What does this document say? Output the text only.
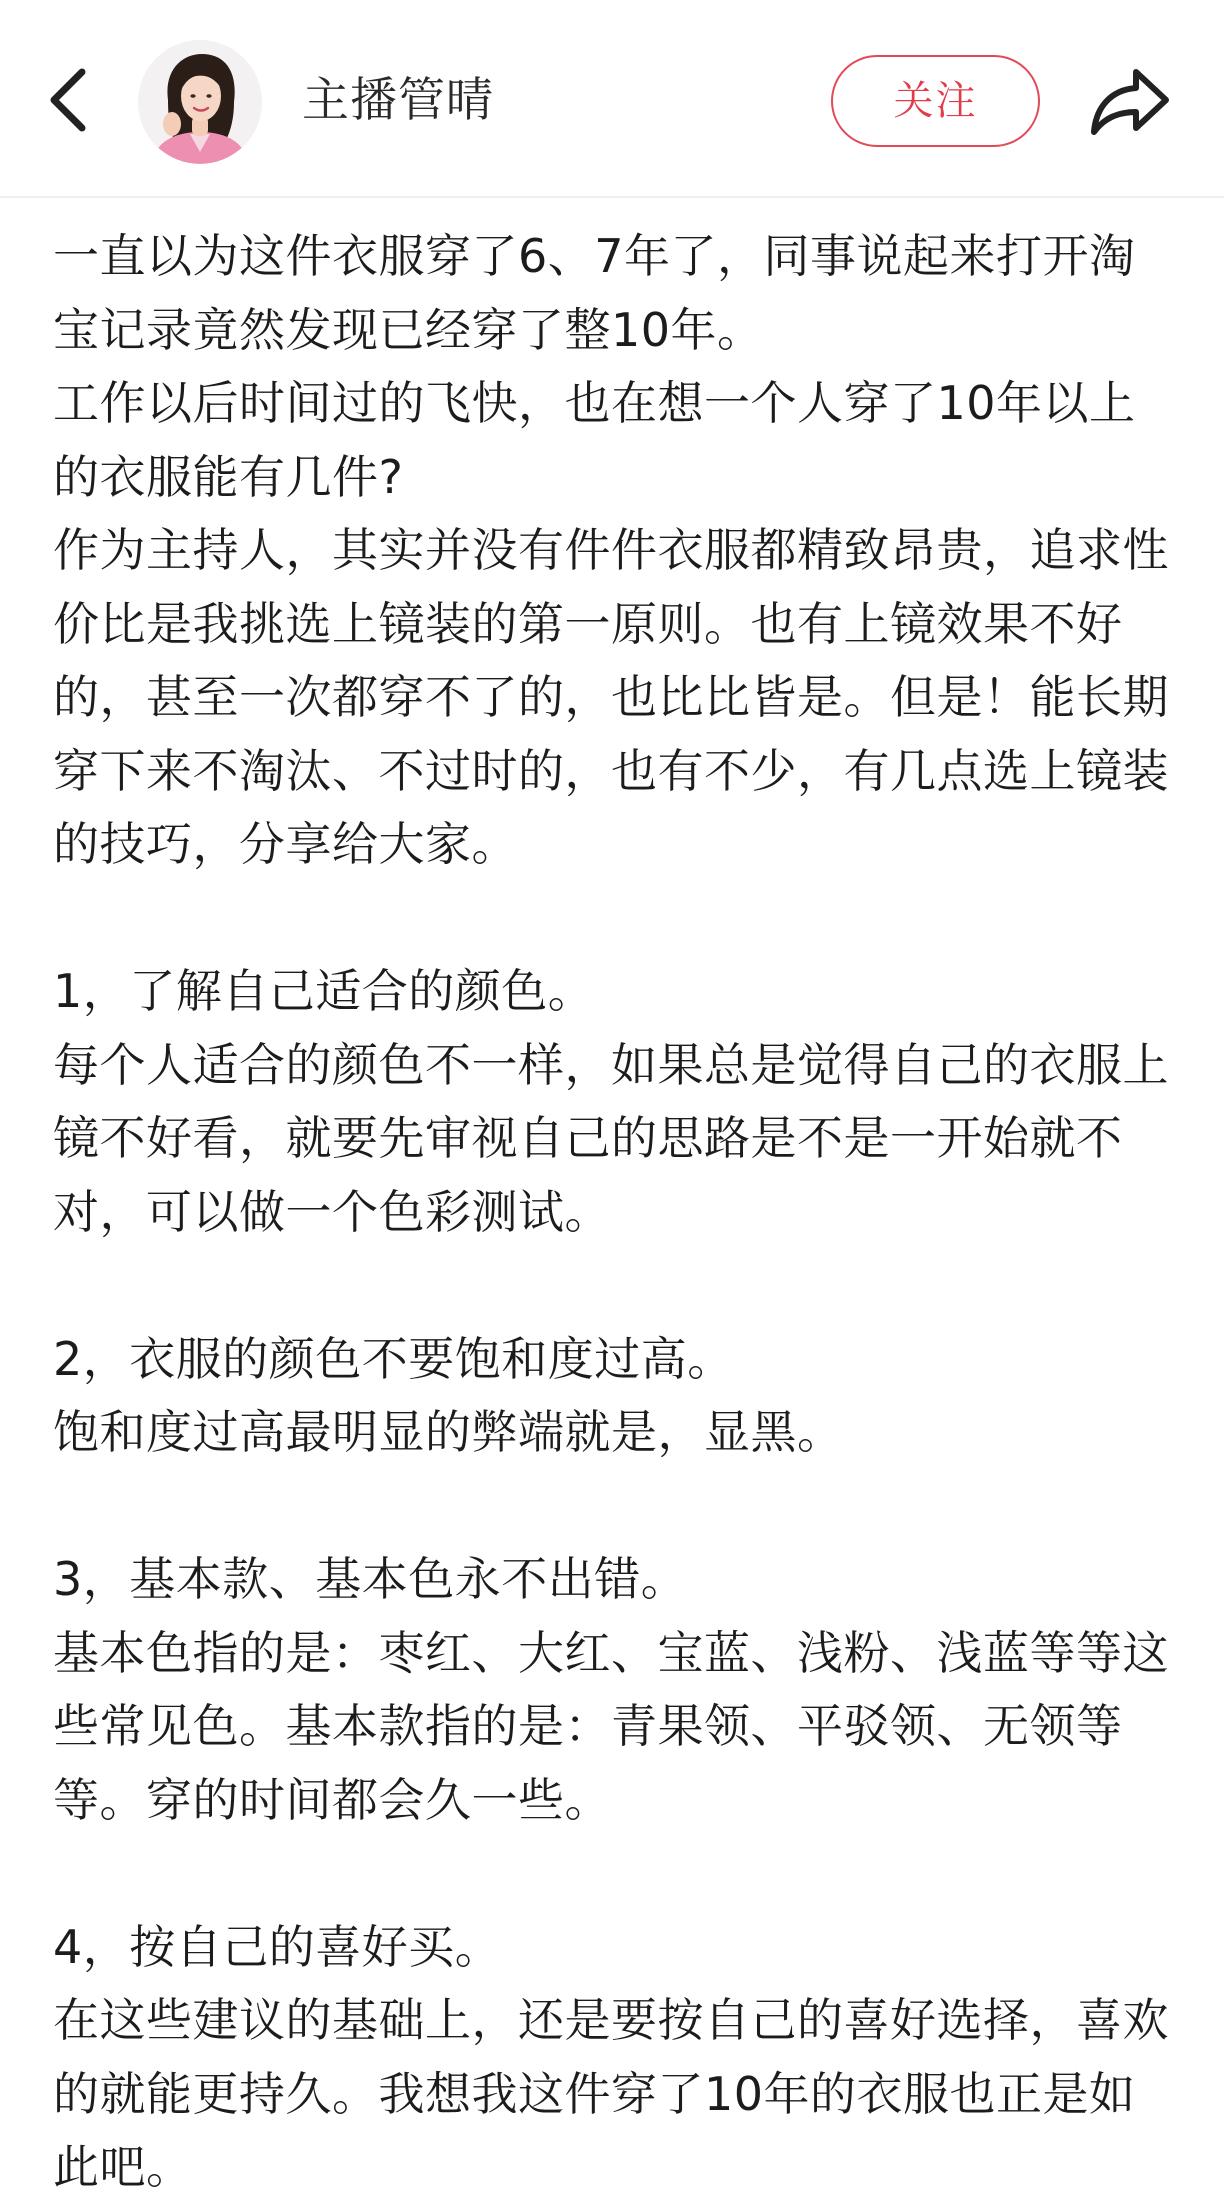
主播管晴	关注

一直以为这件衣服穿了6、7年了，同事说起来打开淘宝记录竟然发现已经穿了整10年。

工作以后时间过的飞快，也在想一个人穿了10年以上的衣服能有几件?

作为主持人，其实并没有件件衣服都精致昂贵，追求性价比是我挑选上镜装的第一原则。也有上镜效果不好的，甚至一次都穿不了的，也比比皆是。但是！能长期穿下来不淘汰、不过时的，也有不少，有几点选上镜装的技巧，分享给大家。

1，了解自己适合的颜色。

每个人适合的颜色不一样，如果总是觉得自己的衣服上镜不好看，就要先审视自己的思路是不是一开始就不对，可以做一个色彩测试。

2，衣服的颜色不要饱和度过高。

饱和度过高最明显的弊端就是，显黑。

3，基本款、基本色永不出错。

基本色指的是：枣红、大红、宝蓝、浅粉、浅蓝等等这些常见色。基本款指的是：青果领、平驳领、无领等等。穿的时间都会久一些。

4，按自己的喜好买。

在这些建议的基础上，还是要按自己的喜好选择，喜欢的就能更持久。我想我这件穿了10年的衣服也正是如此吧。
